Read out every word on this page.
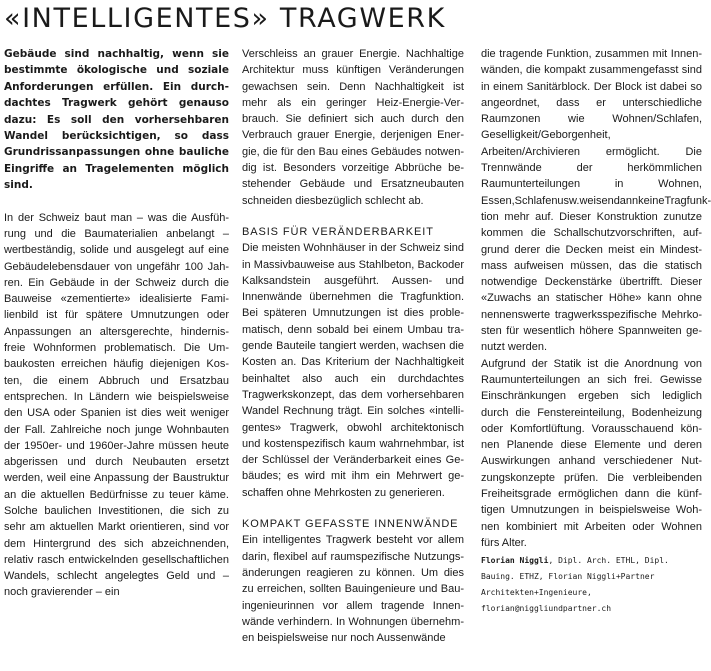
«INTELLIGENTES» TRAGWERK

Gebäude sind nachhaltig, wenn sie bestimmte ökologische und soziale Anforderungen erfüllen. Ein durchdachtes Tragwerk gehört genauso dazu: Es soll den vorhersehbaren Wandel berücksichtigen, so dass Grundrissanpassungen ohne bauliche Eingriffe an Tragelementen möglich sind.

In der Schweiz baut man – was die Ausführung und die Baumaterialien anbelangt – wertbeständig, solide und ausgelegt auf eine Gebäudelebensdauer von ungefähr 100 Jahren. Ein Gebäude in der Schweiz durch die Bauweise «zementierte» idealisierte Familienbild ist für spätere Umnutzungen oder Anpassungen an altersgerechte, hindernisfreie Wohnformen problematisch. Die Umbaukosten erreichen häufig diejenigen Kosten, die einem Abbruch und Ersatzbau entsprechen. In Ländern wie beispielsweise den USA oder Spanien ist dies weit weniger der Fall. Zahlreiche noch junge Wohnbauten der 1950er- und 1960er-Jahre müssen heute abgerissen und durch Neubauten ersetzt werden, weil eine Anpassung der Baustruktur an die aktuellen Bedürfnisse zu teuer käme. Solche baulichen Investitionen, die sich zu sehr am aktuellen Markt orientieren, sind vor dem Hintergrund des sich abzeichnenden, relativ rasch entwickelnden gesellschaftlichen Wandels, schlecht angelegtes Geld und – noch gravierender – ein

Verschleiss an grauer Energie. Nachhaltige Architektur muss künftigen Veränderungen gewachsen sein. Denn Nachhaltigkeit ist mehr als ein geringer Heiz-Energie-Verbrauch. Sie definiert sich auch durch den Verbrauch grauer Energie, derjenigen Energie, die für den Bau eines Gebäudes notwendig ist. Besonders vorzeitige Abbrüche bestehender Gebäude und Ersatzneubauten schneiden diesbezüglich schlecht ab.

BASIS FÜR VERÄNDERBARKEIT

Die meisten Wohnhäuser in der Schweiz sind in Massivbauweise aus Stahlbeton, Backoder Kalksandstein ausgeführt. Aussen- und Innenwände übernehmen die Tragfunktion. Bei späteren Umnutzungen ist dies problematisch, denn sobald bei einem Umbau tragende Bauteile tangiert werden, wachsen die Kosten an. Das Kriterium der Nachhaltigkeit beinhaltet also auch ein durchdachtes Tragwerkskonzept, das dem vorhersehbaren Wandel Rechnung trägt. Ein solches «intelligentes» Tragwerk, obwohl architektonisch und kostenspezifisch kaum wahrnehmbar, ist der Schlüssel der Veränderbarkeit eines Gebäudes; es wird mit ihm ein Mehrwert geschaffen ohne Mehrkosten zu generieren.

KOMPAKT GEFASSTE INNENWÄNDE

Ein intelligentes Tragwerk besteht vor allem darin, flexibel auf raumspezifische Nutzungsänderungen reagieren zu können. Um dies zu erreichen, sollten Bauingenieure und Bauingenieurinnen vor allem tragende Innenwände verhindern. In Wohnungen übernehmen beispielsweise nur noch Aussenwände

die tragende Funktion, zusammen mit Innenwänden, die kompakt zusammengefasst sind in einem Sanitärblock. Der Block ist dabei so angeordnet, dass er unterschiedliche Raumzonen wie Wohnen/Schlafen, Geselligkeit/Geborgenheit, Arbeiten/Archivieren ermöglicht. Die Trennwände der herkömmlichen Raumunterteilungen in Wohnen, Essen,Schlafenusw.weisendannkeineTragfunktion mehr auf. Dieser Konstruktion zunutze kommen die Schallschutzvorschriften, aufgrund derer die Decken meist ein Mindestmass aufweisen müssen, das die statisch notwendige Deckenstärke übertrifft. Dieser «Zuwachs an statischer Höhe» kann ohne nennenswerte tragwerksspezifische Mehrkosten für wesentlich höhere Spannweiten genutzt werden.

Aufgrund der Statik ist die Anordnung von Raumunterteilungen an sich frei. Gewisse Einschränkungen ergeben sich lediglich durch die Fenstereinteilung, Bodenheizung oder Komfortlüftung. Vorausschauend können Planende diese Elemente und deren Auswirkungen anhand verschiedener Nutzungskonzepte prüfen. Die verbleibenden Freiheitsgrade ermöglichen dann die künftigen Umnutzungen in beispielsweise Wohnen kombiniert mit Arbeiten oder Wohnen fürs Alter.

Florian Niggli, Dipl. Arch. ETHL, Dipl. Bauing. ETHZ, Florian Niggli+Partner Architekten+Ingenieure, florian@niggliundpartner.ch
